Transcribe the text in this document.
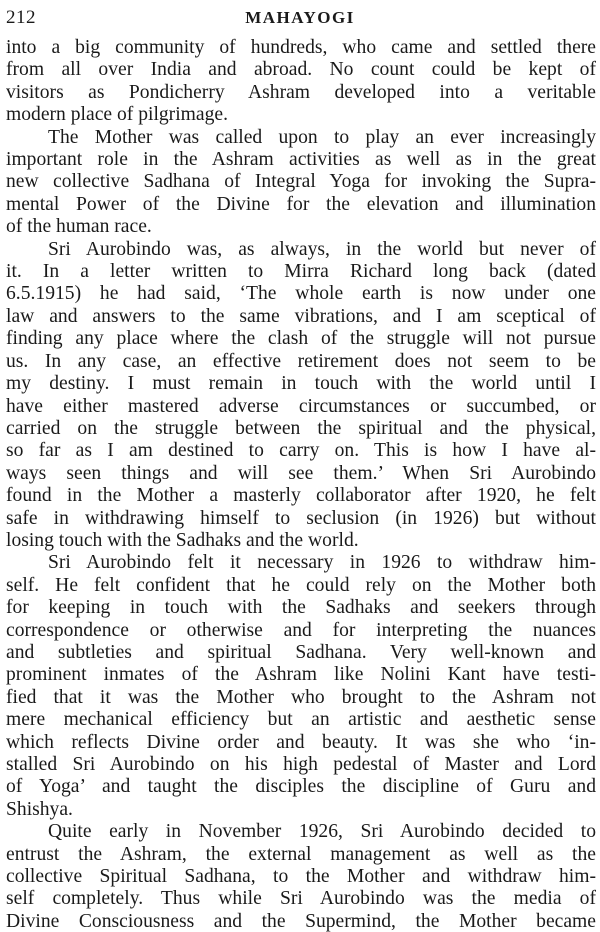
212	MAHAYOGI

into a big community of hundreds, who came and settled there
from all over India and abroad. No count could be kept of
visitors as Pondicherry Ashram developed into a veritable
modern place of pilgrimage.

The Mother was called upon to play an ever increasingly
important role in the Ashram activities as well as in the great
new collective Sadhana of Integral Yoga for invoking the Supra-
mental Power of the Divine for the elevation and illumination
of the human race.

Sri Aurobindo was, as always, in the world but never of
it. In a letter written to Mirra Richard long back (dated
6.5.1915) he had said, ‘The whole earth is now under one
law and answers to the same vibrations, and I am sceptical of
finding any place where the clash of the struggle will not pursue
us. In any case, an effective retirement does not seem to be
my destiny. I must remain in touch with the world until I
have either mastered adverse circumstances or succumbed, or
carried on the struggle between the spiritual and the physical,
so far as I am destined to carry on. This is how I have al-
ways seen things and will see them.’ When Sri Aurobindo
found in the Mother a masterly collaborator after 1920, he felt
safe in withdrawing himself to seclusion (in 1926) but without
losing touch with the Sadhaks and the world.

Sri Aurobindo felt it necessary in 1926 to withdraw him-
self. He felt confident that he could rely on the Mother both
for keeping in touch with the Sadhaks and seekers through
correspondence or otherwise and for interpreting the nuances
and subtleties and spiritual Sadhana. Very well-known and
prominent inmates of the Ashram like Nolini Kant have testi-
fied that it was the Mother who brought to the Ashram not
mere mechanical efficiency but an artistic and aesthetic sense
which reflects Divine order and beauty. It was she who ‘in-
stalled Sri Aurobindo on his high pedestal of Master and Lord
of Yoga’ and taught the disciples the discipline of Guru and
Shishya.

Quite early in November 1926, Sri Aurobindo decided to
entrust the Ashram, the external management as well as the
collective Spiritual Sadhana, to the Mother and withdraw him-
self completely. Thus while Sri Aurobindo was the media of
Divine Consciousness and the Supermind, the Mother became
